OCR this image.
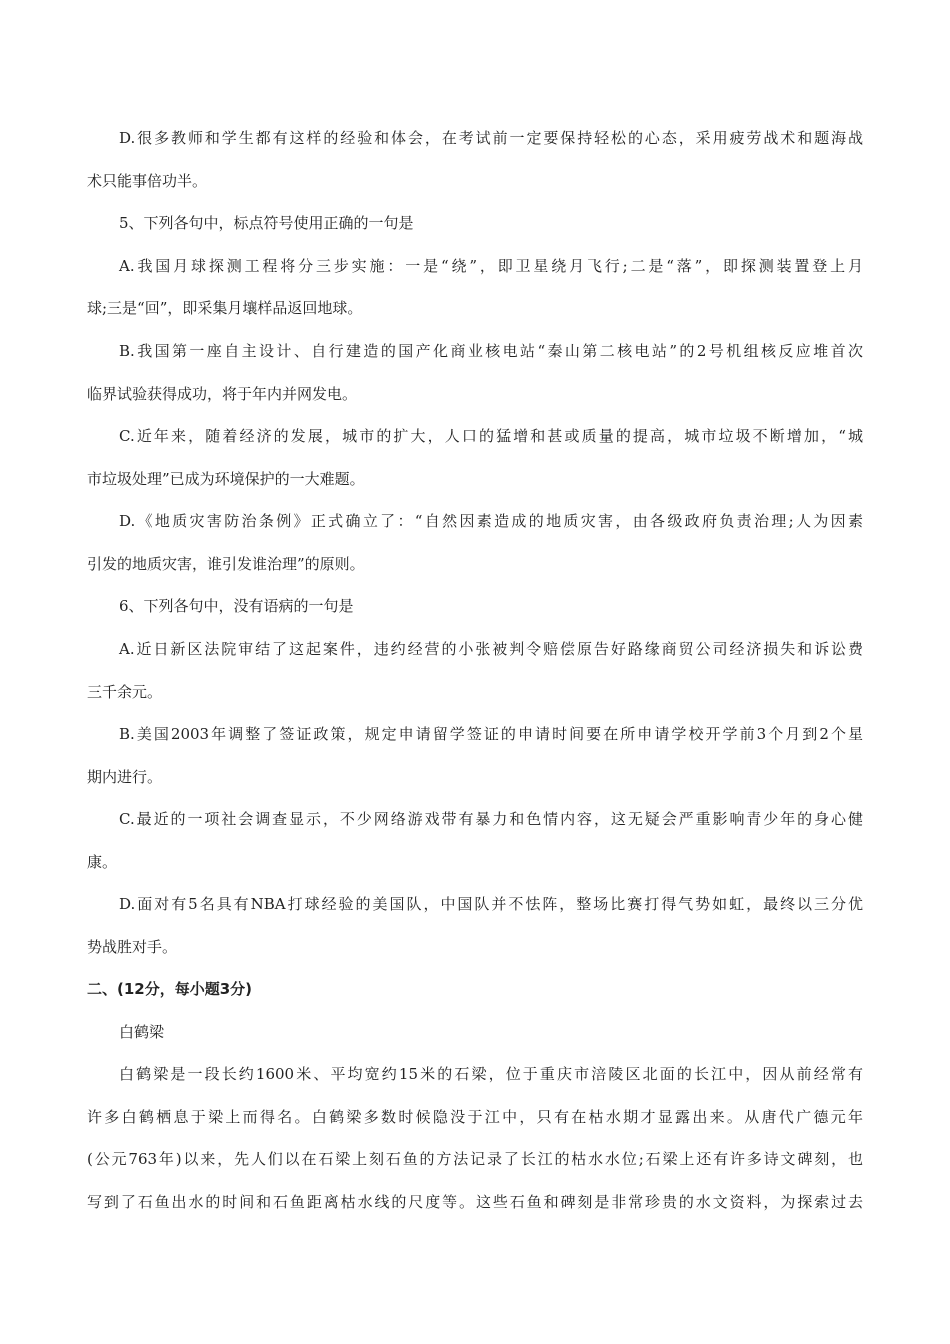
D.很多教师和学生都有这样的经验和体会，在考试前一定要保持轻松的心态，采用疲劳战术和题海战
术只能事倍功半。
5、下列各句中，标点符号使用正确的一句是
A.我国月球探测工程将分三步实施：一是“绕”，即卫星绕月飞行;二是“落”，即探测装置登上月
球;三是“回”，即采集月壤样品返回地球。
B.我国第一座自主设计、自行建造的国产化商业核电站“秦山第二核电站”的2号机组核反应堆首次
临界试验获得成功，将于年内并网发电。
C.近年来，随着经济的发展，城市的扩大，人口的猛增和甚或质量的提高，城市垃圾不断增加，“城
市垃圾处理”已成为环境保护的一大难题。
D.《地质灾害防治条例》正式确立了：“自然因素造成的地质灾害，由各级政府负责治理;人为因素
引发的地质灾害，谁引发谁治理”的原则。
6、下列各句中，没有语病的一句是
A.近日新区法院审结了这起案件，违约经营的小张被判令赔偿原告好路缘商贸公司经济损失和诉讼费
三千余元。
B.美国2003年调整了签证政策，规定申请留学签证的申请时间要在所申请学校开学前3个月到2个星
期内进行。
C.最近的一项社会调查显示，不少网络游戏带有暴力和色情内容，这无疑会严重影响青少年的身心健
康。
D.面对有5名具有NBA打球经验的美国队，中国队并不怯阵，整场比赛打得气势如虹，最终以三分优
势战胜对手。
二、(12分，每小题3分)
白鹤梁
白鹤梁是一段长约1600米、平均宽约15米的石梁，位于重庆市涪陵区北面的长江中，因从前经常有
许多白鹤栖息于梁上而得名。白鹤梁多数时候隐没于江中，只有在枯水期才显露出来。从唐代广德元年
(公元763年)以来，先人们以在石梁上刻石鱼的方法记录了长江的枯水水位;石梁上还有许多诗文碑刻，也
写到了石鱼出水的时间和石鱼距离枯水线的尺度等。这些石鱼和碑刻是非常珍贵的水文资料，为探索过去
